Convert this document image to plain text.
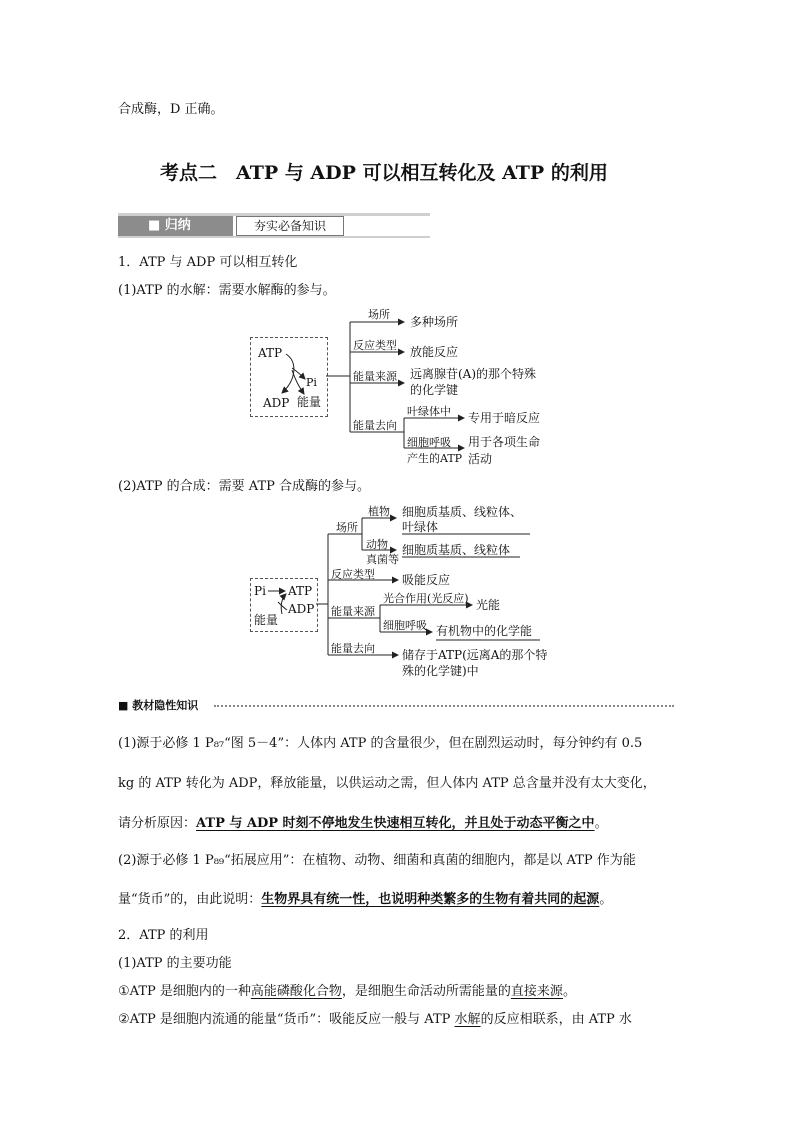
合成酶，D 正确。
考点二　ATP 与 ADP 可以相互转化及 ATP 的利用
■ 归纳	夯实必备知识
1．ATP 与 ADP 可以相互转化
(1)ATP 的水解：需要水解酶的参与。
ATP
Pi
ADP 能量
场所
多种场所
反应类型 放能反应
能量来源 远离腺苷(A)的那个特殊
的化学键
能量去向
叶绿体中 专用于暗反应
细胞呼吸
产生的ATP
用于各项生命
活动
(2)ATP 的合成：需要 ATP 合成酶的参与。
Pi ATP
ADP
能量
场所
植物 细胞质基质、线粒体、
叶绿体
动物
真菌等
细胞质基质、线粒体
反应类型 吸能反应
能量来源
光合作用(光反应) 光能
细胞呼吸 有机物中的化学能
能量去向 储存于ATP(远离A的那个特
殊的化学键)中
■ 教材隐性知识
(1)源于必修 1 P₈₇“图 5－4”：人体内 ATP 的含量很少，但在剧烈运动时，每分钟约有 0.5
kg 的 ATP 转化为 ADP，释放能量，以供运动之需，但人体内 ATP 总含量并没有太大变化，
请分析原因：ATP 与 ADP 时刻不停地发生快速相互转化，并且处于动态平衡之中。
(2)源于必修 1 P₈₉“拓展应用”：在植物、动物、细菌和真菌的细胞内，都是以 ATP 作为能
量“货币”的，由此说明：生物界具有统一性，也说明种类繁多的生物有着共同的起源。
2．ATP 的利用
(1)ATP 的主要功能
①ATP 是细胞内的一种高能磷酸化合物，是细胞生命活动所需能量的直接来源。
②ATP 是细胞内流通的能量“货币”：吸能反应一般与 ATP 水解的反应相联系，由 ATP 水
